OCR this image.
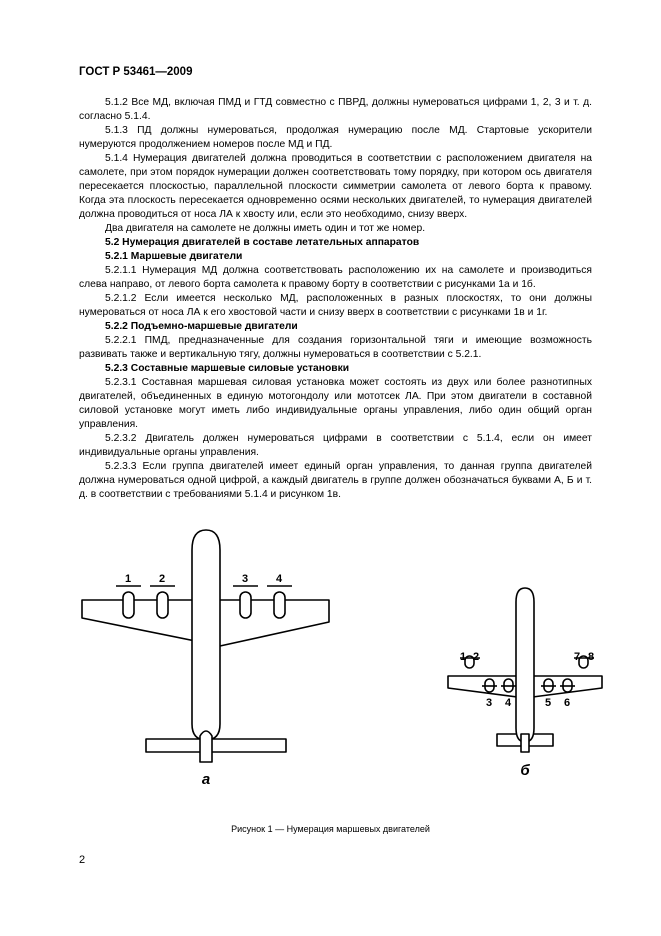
ГОСТ Р 53461—2009

5.1.2 Все МД, включая ПМД и ГТД совместно с ПВРД, должны нумероваться цифрами 1, 2, 3 и т. д. согласно 5.1.4.

5.1.3 ПД должны нумероваться, продолжая нумерацию после МД. Стартовые ускорители нумеруются продолжением номеров после МД и ПД.

5.1.4 Нумерация двигателей должна проводиться в соответствии с расположением двигателя на самолете, при этом порядок нумерации должен соответствовать тому порядку, при котором ось двигателя пересекается плоскостью, параллельной плоскости симметрии самолета от левого борта к правому. Когда эта плоскость пересекается одновременно осями нескольких двигателей, то нумерация двигателей должна проводиться от носа ЛА к хвосту или, если это необходимо, снизу вверх.

Два двигателя на самолете не должны иметь один и тот же номер.

5.2 Нумерация двигателей в составе летательных аппаратов

5.2.1 Маршевые двигатели

5.2.1.1 Нумерация МД должна соответствовать расположению их на самолете и производиться слева направо, от левого борта самолета к правому борту в соответствии с рисунками 1а и 1б.

5.2.1.2 Если имеется несколько МД, расположенных в разных плоскостях, то они должны нумероваться от носа ЛА к его хвостовой части и снизу вверх в соответствии с рисунками 1в и 1г.

5.2.2 Подъемно-маршевые двигатели

5.2.2.1 ПМД, предназначенные для создания горизонтальной тяги и имеющие возможность развивать также и вертикальную тягу, должны нумероваться в соответствии с 5.2.1.

5.2.3 Составные маршевые силовые установки

5.2.3.1 Составная маршевая силовая установка может состоять из двух или более разнотипных двигателей, объединенных в единую мотогондолу или мототсек ЛА. При этом двигатели в составной силовой установке могут иметь либо индивидуальные органы управления, либо один общий орган управления.

5.2.3.2 Двигатель должен нумероваться цифрами в соответствии с 5.1.4, если он имеет индивидуальные органы управления.

5.2.3.3 Если группа двигателей имеет единый орган управления, то данная группа двигателей должна нумероваться одной цифрой, а каждый двигатель в группе должен обозначаться буквами А, Б и т. д. в соответствии с требованиями 5.1.4 и рисунком 1в.

1	2	3	4
1 2	7 8
3 4	5 6
а
б
Рисунок 1 — Нумерация маршевых двигателей
2
